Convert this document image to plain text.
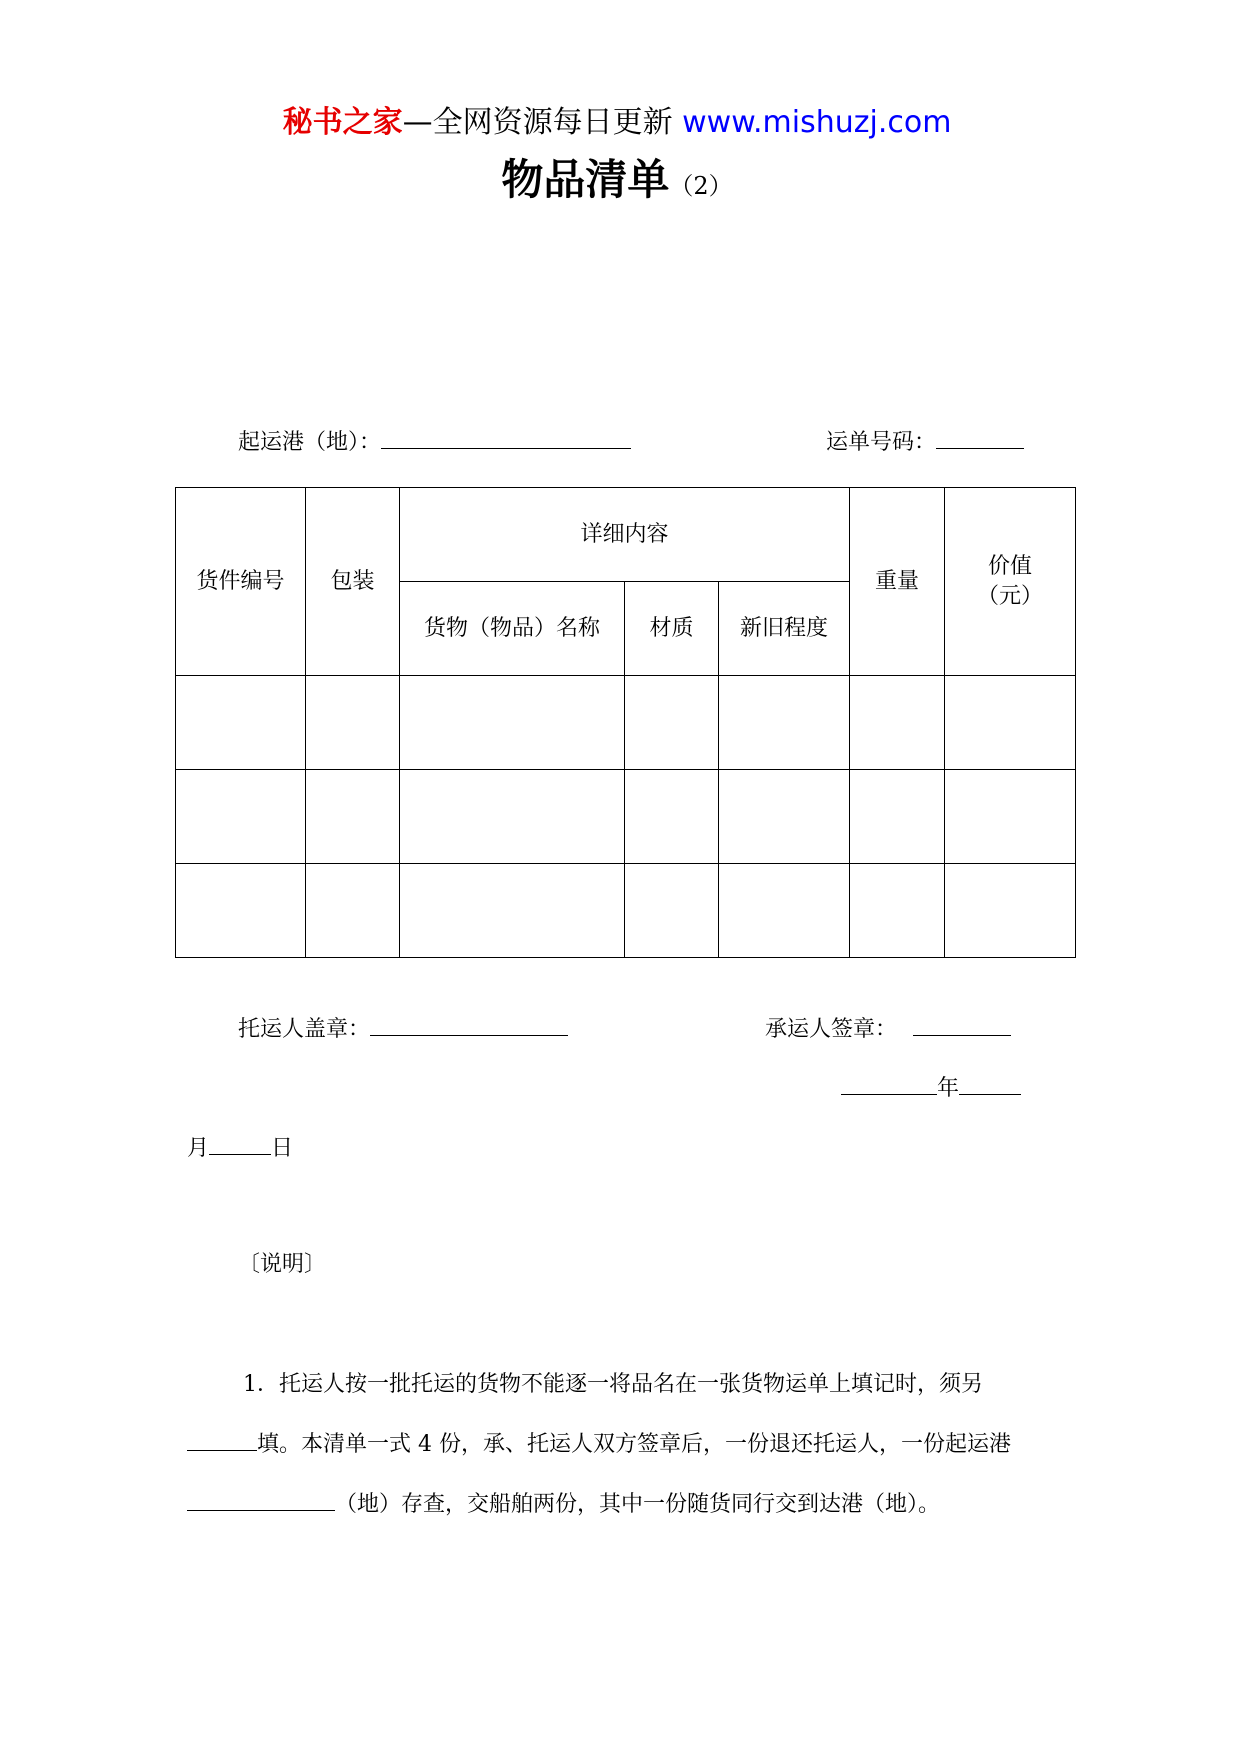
秘书之家—全网资源每日更新 www.mishuzj.com
物品清单（2）
起运港（地）：	运单号码：
货件编号	包装	详细内容			重量	价值
（元）

		货物（物品）名称	材质	新旧程度		

托运人盖章：	承运人签章：
年
月	日
〔说明〕

1．托运人按一批托运的货物不能逐一将品名在一张货物运单上填记时，须另填。本清单一式 4 份，承、托运人双方签章后，一份退还托运人，一份起运港（地）存查，交船舶两份，其中一份随货同行交到达港（地）。
